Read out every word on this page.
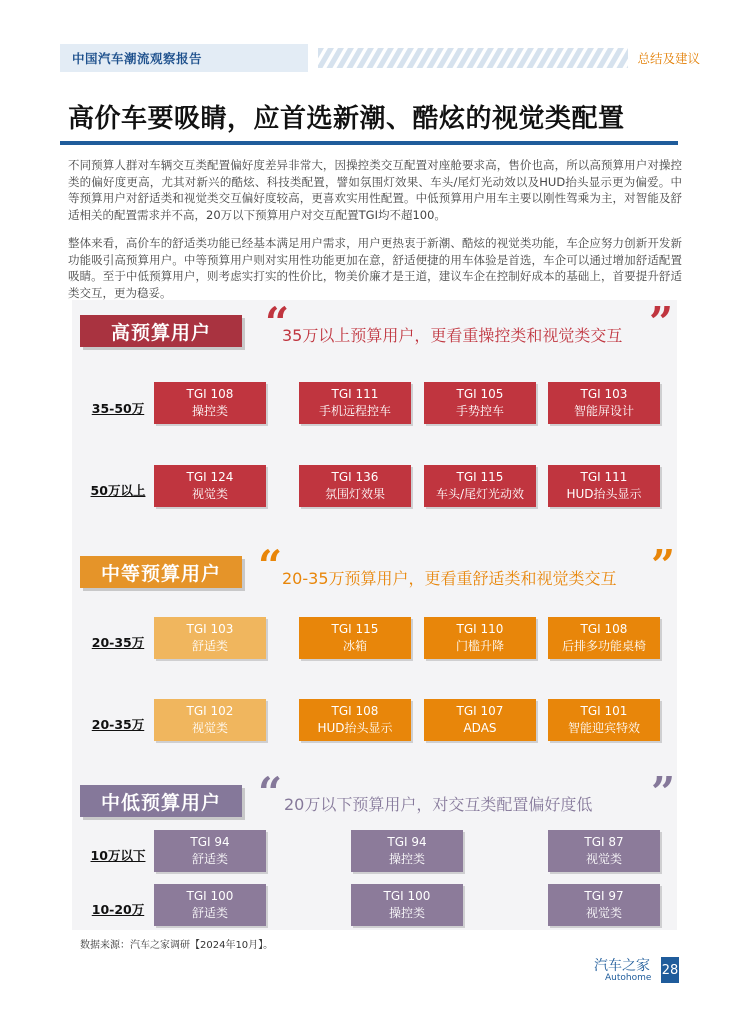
中国汽车潮流观察报告	总结及建议
高价车要吸睛，应首选新潮、酷炫的视觉类配置

不同预算人群对车辆交互类配置偏好度差异非常大，因操控类交互配置对座舱要求高，售价也高，所以高预算用户对操控类的偏好度更高，尤其对新兴的酷炫、科技类配置，譬如氛围灯效果、车头/尾灯光动效以及HUD抬头显示更为偏爱。中等预算用户对舒适类和视觉类交互偏好度较高，更喜欢实用性配置。中低预算用户用车主要以刚性驾乘为主，对智能及舒适相关的配置需求并不高，20万以下预算用户对交互配置TGI均不超100。

整体来看，高价车的舒适类功能已经基本满足用户需求，用户更热衷于新潮、酷炫的视觉类功能，车企应努力创新开发新功能吸引高预算用户。中等预算用户则对实用性功能更加在意，舒适便捷的用车体验是首选，车企可以通过增加舒适配置吸睛。至于中低预算用户，则考虑实打实的性价比，物美价廉才是王道，建议车企在控制好成本的基础上，首要提升舒适类交互，更为稳妥。

高预算用户	“
35万以上预算用户，更看重操控类和视觉类交互 ”
35-50万
TGI 108
操控类
TGI 111
手机远程控车
TGI 105
手势控车
TGI 103
智能屏设计
50万以上
TGI 124
视觉类
TGI 136
氛围灯效果
TGI 115
车头/尾灯光动效
TGI 111
HUD抬头显示
中等预算用户 “ 20-35万预算用户，更看重舒适类和视觉类交互 ”
20-35万
TGI 103
舒适类
TGI 115
冰箱
TGI 110
门槛升降
TGI 108
后排多功能桌椅
20-35万
TGI 102
视觉类
TGI 108
HUD抬头显示
TGI 107
ADAS
TGI 101
智能迎宾特效
中低预算用户 “ 20万以下预算用户，对交互类配置偏好度低 ”
10万以下
TGI 94
舒适类
TGI 94
操控类
TGI 87
视觉类
10-20万
TGI 100
舒适类
TGI 100
操控类
TGI 97
视觉类
数据来源：汽车之家调研【2024年10月】。
汽车之家
Autohome
28
